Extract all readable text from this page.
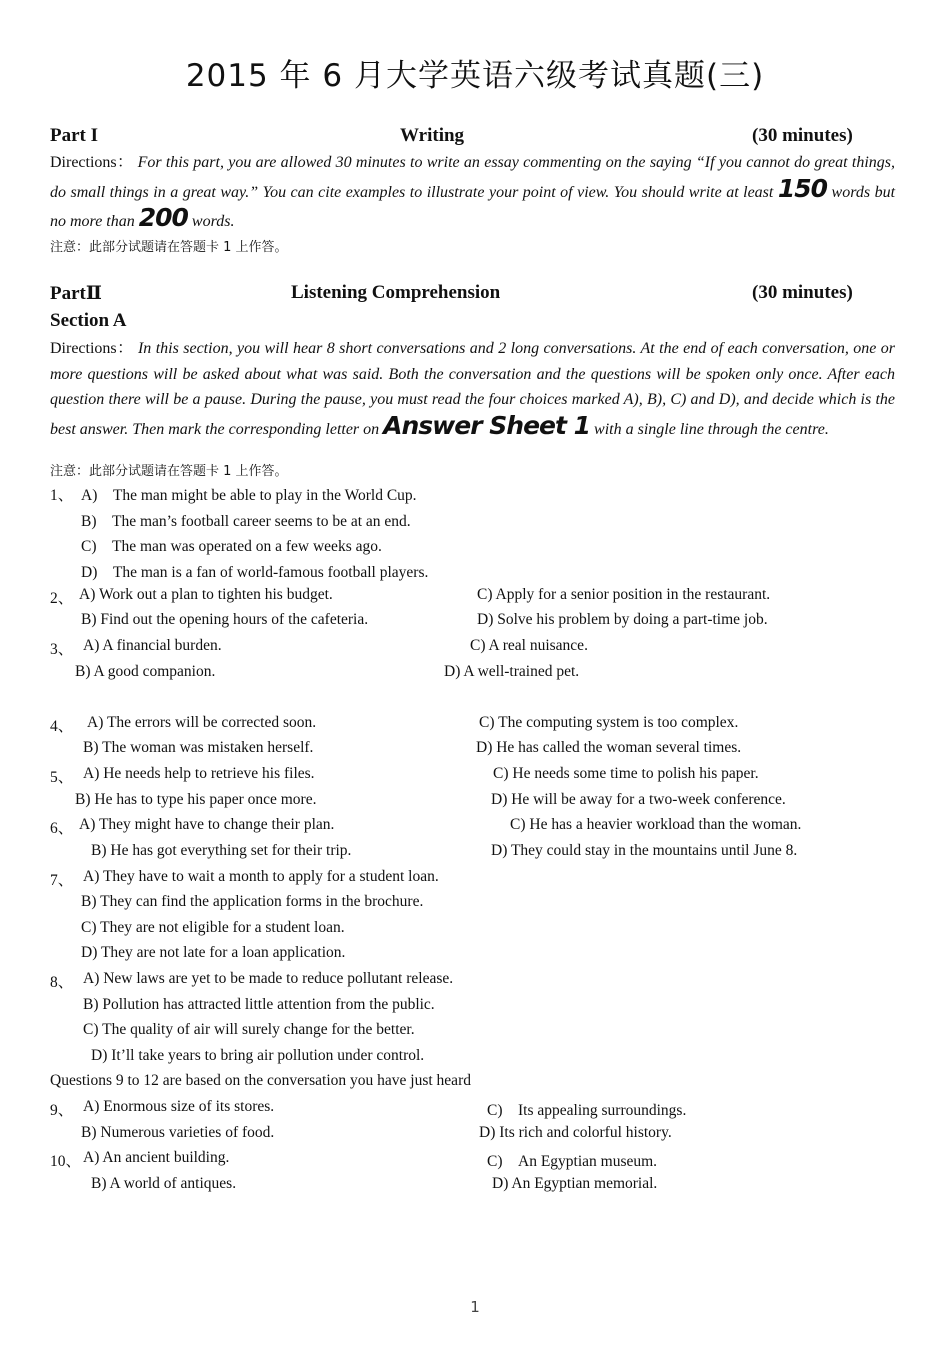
2015 年 6 月大学英语六级考试真题(三)
Part I	Writing	(30 minutes)
Directions： For this part, you are allowed 30 minutes to write an essay commenting on the saying “If you cannot do great things, do small things in a great way.” You can cite examples to illustrate your point of view. You should write at least 150 words but no more than 200 words.
注意：此部分试题请在答题卡 1 上作答。
PartⅡ	Listening Comprehension	(30 minutes)
Section A
Directions： In this section, you will hear 8 short conversations and 2 long conversations. At the end of each conversation, one or more questions will be asked about what was said. Both the conversation and the questions will be spoken only once. After each question there will be a pause. During the pause, you must read the four choices marked A), B), C) and D), and decide which is the best answer. Then mark the corresponding letter on Answer Sheet 1 with a single line through the centre.
注意：此部分试题请在答题卡 1 上作答。
1、 A)　The man might be able to play in the World Cup.
B)　The man’s football career seems to be at an end.
C)　The man was operated on a few weeks ago.
D)　The man is a fan of world-famous football players.
2、 A) Work out a plan to tighten his budget.	C) Apply for a senior position in the restaurant.
B) Find out the opening hours of the cafeteria.	D) Solve his problem by doing a part-time job.
3、 A) A financial burden.	C) A real nuisance.
B) A good companion.	D) A well-trained pet.
4、 A) The errors will be corrected soon.	C) The computing system is too complex.
B) The woman was mistaken herself.	D) He has called the woman several times.
5、 A) He needs help to retrieve his files.	C) He needs some time to polish his paper.
B) He has to type his paper once more.	D) He will be away for a two-week conference.
6、 A) They might have to change their plan.	C) He has a heavier workload than the woman.
B) He has got everything set for their trip.	D) They could stay in the mountains until June 8.
7、 A) They have to wait a month to apply for a student loan.
B) They can find the application forms in the brochure.
C) They are not eligible for a student loan.
D) They are not late for a loan application.
8、 A) New laws are yet to be made to reduce pollutant release.
B) Pollution has attracted little attention from the public.
C) The quality of air will surely change for the better.
D) It’ll take years to bring air pollution under control.
Questions 9 to 12 are based on the conversation you have just heard
9、 A) Enormous size of its stores.	C)　Its appealing surroundings.
B) Numerous varieties of food.	D) Its rich and colorful history.
10、 A) An ancient building.	C)　An Egyptian museum.
B) A world of antiques.	D) An Egyptian memorial.
1
